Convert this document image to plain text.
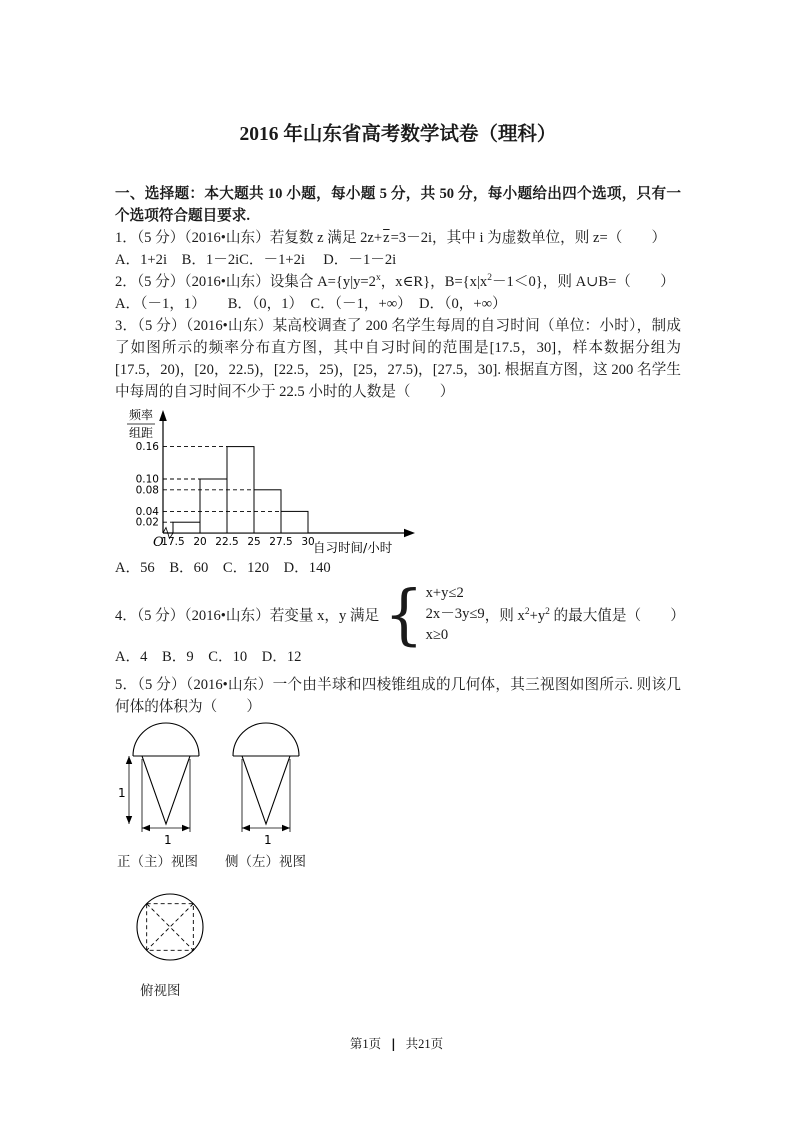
2016 年山东省高考数学试卷（理科）

一、选择题：本大题共 10 小题，每小题 5 分，共 50 分，每小题给出四个选项，只有一个选项符合题目要求.

1．（5 分）（2016•山东）若复数 z 满足 $2z+\overline{z}=3-2i$，其中 i 为虚数单位，则 z=（　　）

A．1+2i　B．1－2iC．－1+2i　 D．－1－2i

2．（5 分）（2016•山东）设集合 $A=\{y|y=2^x$，x∈R}，$B=\{x|x^2-1<0\}$，则 A∪B=（　　）

A．（－1，1）　　B．（0，1）　C．（－1，+∞）　D．（0，+∞）

3．（5 分）（2016•山东）某高校调查了 200 名学生每周的自习时间（单位：小时），制成了如图所示的频率分布直方图，其中自习时间的范围是[17.5，30]，样本数据分组为[17.5，20)，[20，22.5)，[22.5，25)，[25，27.5)，[27.5，30]. 根据直方图，这 200 名学生中每周的自习时间不少于 22.5 小时的人数是（　　）

频率
组距
O	自习时间/小时
0.02
0.04
0.08
0.10
0.16
17.5 20 22.5 25 27.5 30

A．56　B．60　C．120　D．140

4．（5 分）（2016•山东）若变量 x，y 满足 { x+y≤2
2x－3y≤9
x≥0
，则 $x^2+y^2$ 的最大值是（　　）

A．4　B．9　C．10　D．12

5．（5 分）（2016•山东）一个由半球和四棱锥组成的几何体，其三视图如图所示. 则该几何体的体积为（　　）

1
1	1
正（主）视图 侧（左）视图
俯视图
第1页 | 共21页
